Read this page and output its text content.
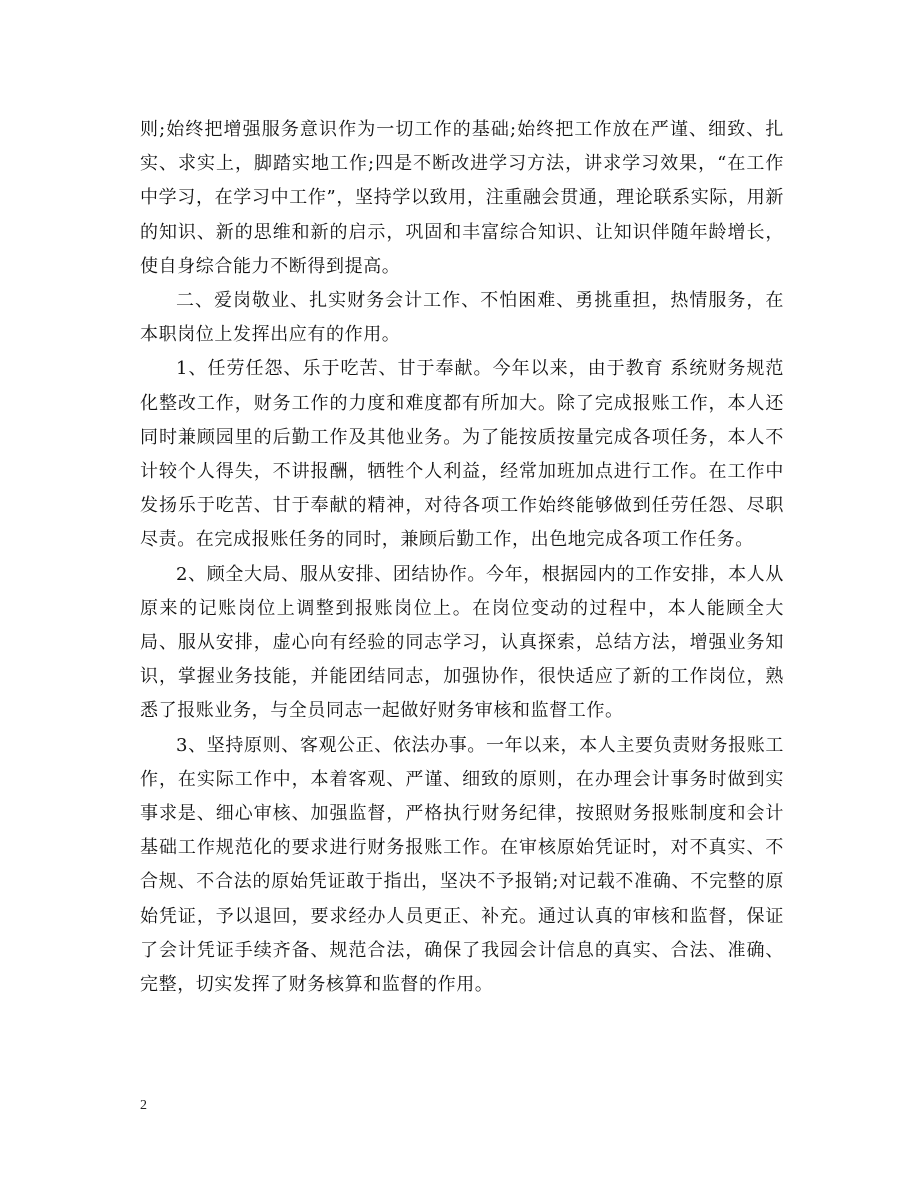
则;始终把增强服务意识作为一切工作的基础;始终把工作放在严谨、细致、扎实、求实上，脚踏实地工作;四是不断改进学习方法，讲求学习效果，“在工作中学习，在学习中工作”，坚持学以致用，注重融会贯通，理论联系实际，用新的知识、新的思维和新的启示，巩固和丰富综合知识、让知识伴随年龄增长，使自身综合能力不断得到提高。

二、爱岗敬业、扎实财务会计工作、不怕困难、勇挑重担，热情服务，在本职岗位上发挥出应有的作用。

1、任劳任怨、乐于吃苦、甘于奉献。今年以来，由于教育 系统财务规范化整改工作，财务工作的力度和难度都有所加大。除了完成报账工作，本人还同时兼顾园里的后勤工作及其他业务。为了能按质按量完成各项任务，本人不计较个人得失，不讲报酬，牺牲个人利益，经常加班加点进行工作。在工作中发扬乐于吃苦、甘于奉献的精神，对待各项工作始终能够做到任劳任怨、尽职尽责。在完成报账任务的同时，兼顾后勤工作，出色地完成各项工作任务。

2、顾全大局、服从安排、团结协作。今年，根据园内的工作安排，本人从原来的记账岗位上调整到报账岗位上。在岗位变动的过程中，本人能顾全大局、服从安排，虚心向有经验的同志学习，认真探索，总结方法，增强业务知识，掌握业务技能，并能团结同志，加强协作，很快适应了新的工作岗位，熟悉了报账业务，与全员同志一起做好财务审核和监督工作。

3、坚持原则、客观公正、依法办事。一年以来，本人主要负责财务报账工作，在实际工作中，本着客观、严谨、细致的原则，在办理会计事务时做到实事求是、细心审核、加强监督，严格执行财务纪律，按照财务报账制度和会计基础工作规范化的要求进行财务报账工作。在审核原始凭证时，对不真实、不合规、不合法的原始凭证敢于指出，坚决不予报销;对记载不准确、不完整的原始凭证，予以退回，要求经办人员更正、补充。通过认真的审核和监督，保证了会计凭证手续齐备、规范合法，确保了我园会计信息的真实、合法、准确、完整，切实发挥了财务核算和监督的作用。

2
